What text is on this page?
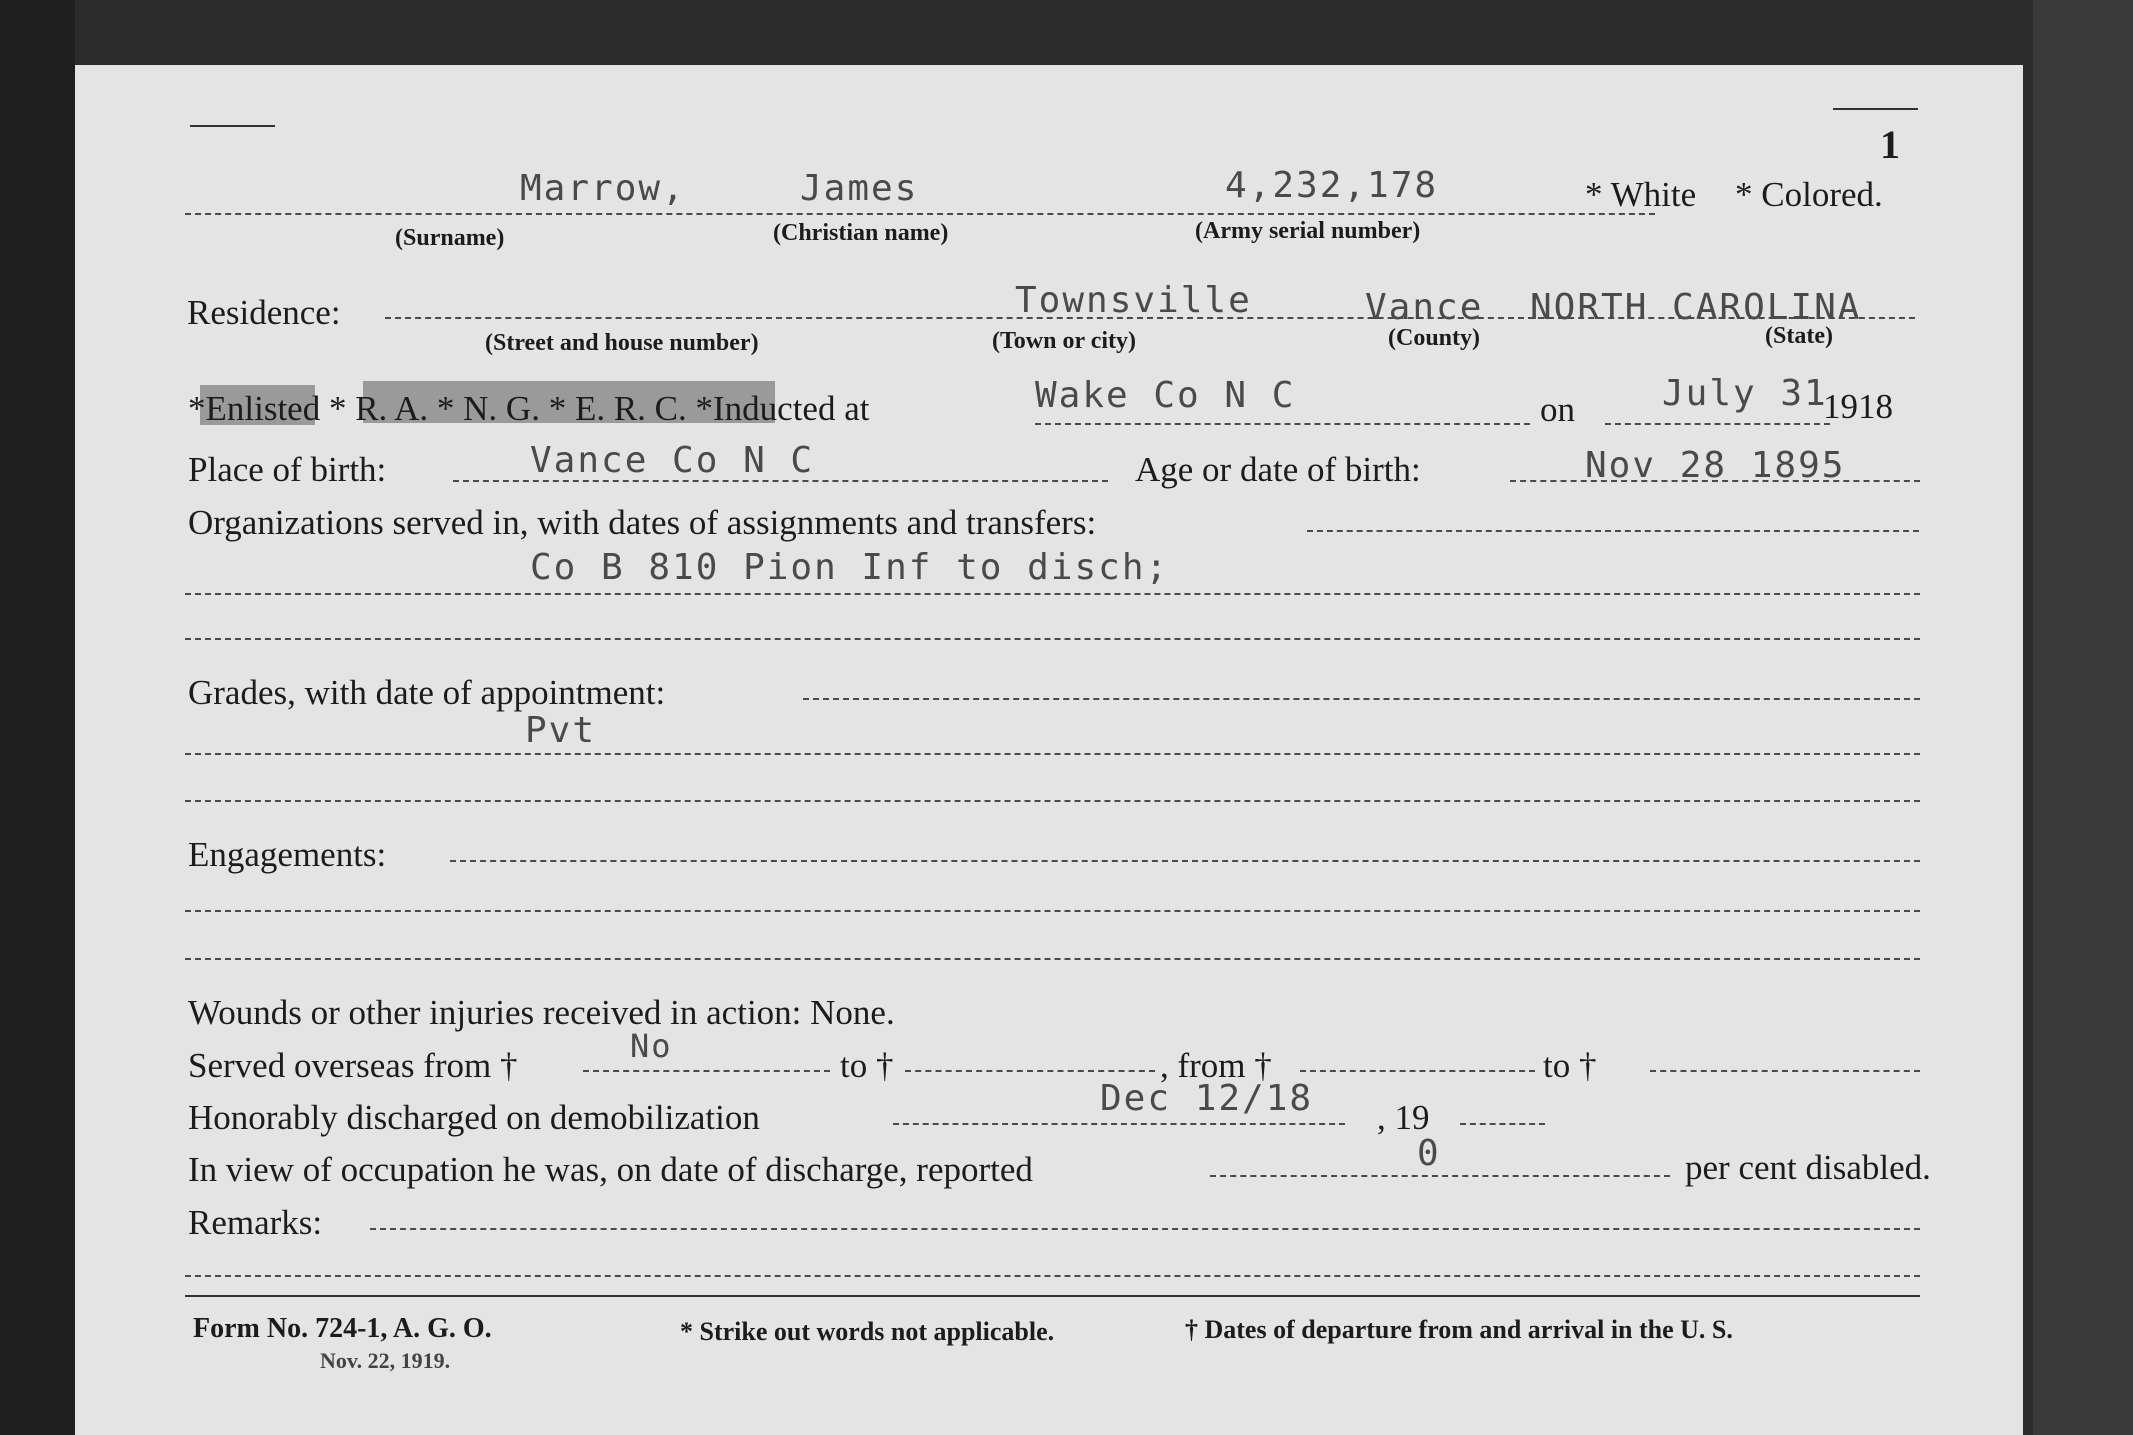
1
Marrow,	James	4,232,178	* White * Colored.
(Surname)	(Christian name)	(Army serial number)
Residence:	Townsville	Vance NORTH CAROLINA
(Street and house number)	(Town or city)	(County)	(State)
*Enlisted * R. A. * N. G. * E. R. C. *Inducted at	Wake Co N C	on July 31
1918
Place of birth:	Vance Co N C	Age or date of birth:	Nov 28 1895
Organizations served in, with dates of assignments and transfers:
Co B 810 Pion Inf to disch;
Grades, with date of appointment:
Pvt
Engagements:
Wounds or other injuries received in action: None.
Served overseas from †	No	to †	, from †	to †
Honorably discharged on demobilization	Dec 12/18 , 19
In view of occupation he was, on date of discharge, reported	0	per cent disabled.
Remarks:
Form No. 724-1, A. G. O.	* Strike out words not applicable.	† Dates of departure from and arrival in the U. S.
Nov. 22, 1919.
